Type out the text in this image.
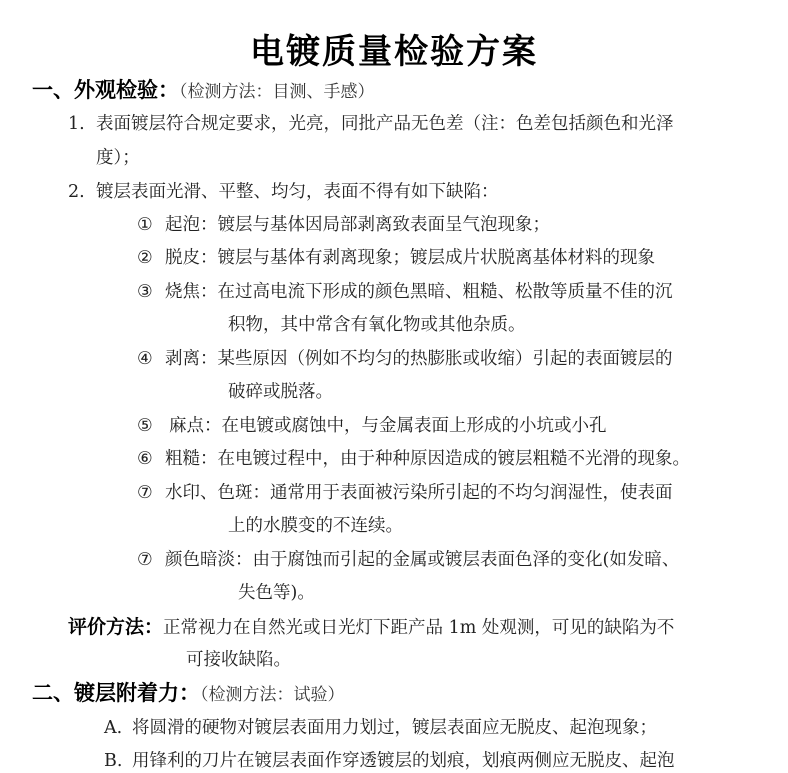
电镀质量检验方案
一、外观检验：（检测方法：目测、手感）
1. 表面镀层符合规定要求，光亮，同批产品无色差（注：色差包括颜色和光泽
度）；
2. 镀层表面光滑、平整、均匀，表面不得有如下缺陷：
① 起泡：镀层与基体因局部剥离致表面呈气泡现象；
② 脱皮：镀层与基体有剥离现象；镀层成片状脱离基体材料的现象
③ 烧焦：在过高电流下形成的颜色黑暗、粗糙、松散等质量不佳的沉
积物，其中常含有氧化物或其他杂质。
④ 剥离：某些原因（例如不均匀的热膨胀或收缩）引起的表面镀层的
破碎或脱落。
⑤ 麻点：在电镀或腐蚀中，与金属表面上形成的小坑或小孔
⑥ 粗糙：在电镀过程中，由于种种原因造成的镀层粗糙不光滑的现象。
⑦ 水印、色斑：通常用于表面被污染所引起的不均匀润湿性，使表面
上的水膜变的不连续。
⑦ 颜色暗淡：由于腐蚀而引起的金属或镀层表面色泽的变化(如发暗、
失色等)。
评价方法：正常视力在自然光或日光灯下距产品 1m 处观测，可见的缺陷为不
可接收缺陷。
二、镀层附着力：（检测方法：试验）
A. 将圆滑的硬物对镀层表面用力划过，镀层表面应无脱皮、起泡现象；
B. 用锋利的刀片在镀层表面作穿透镀层的划痕，划痕两侧应无脱皮、起泡
